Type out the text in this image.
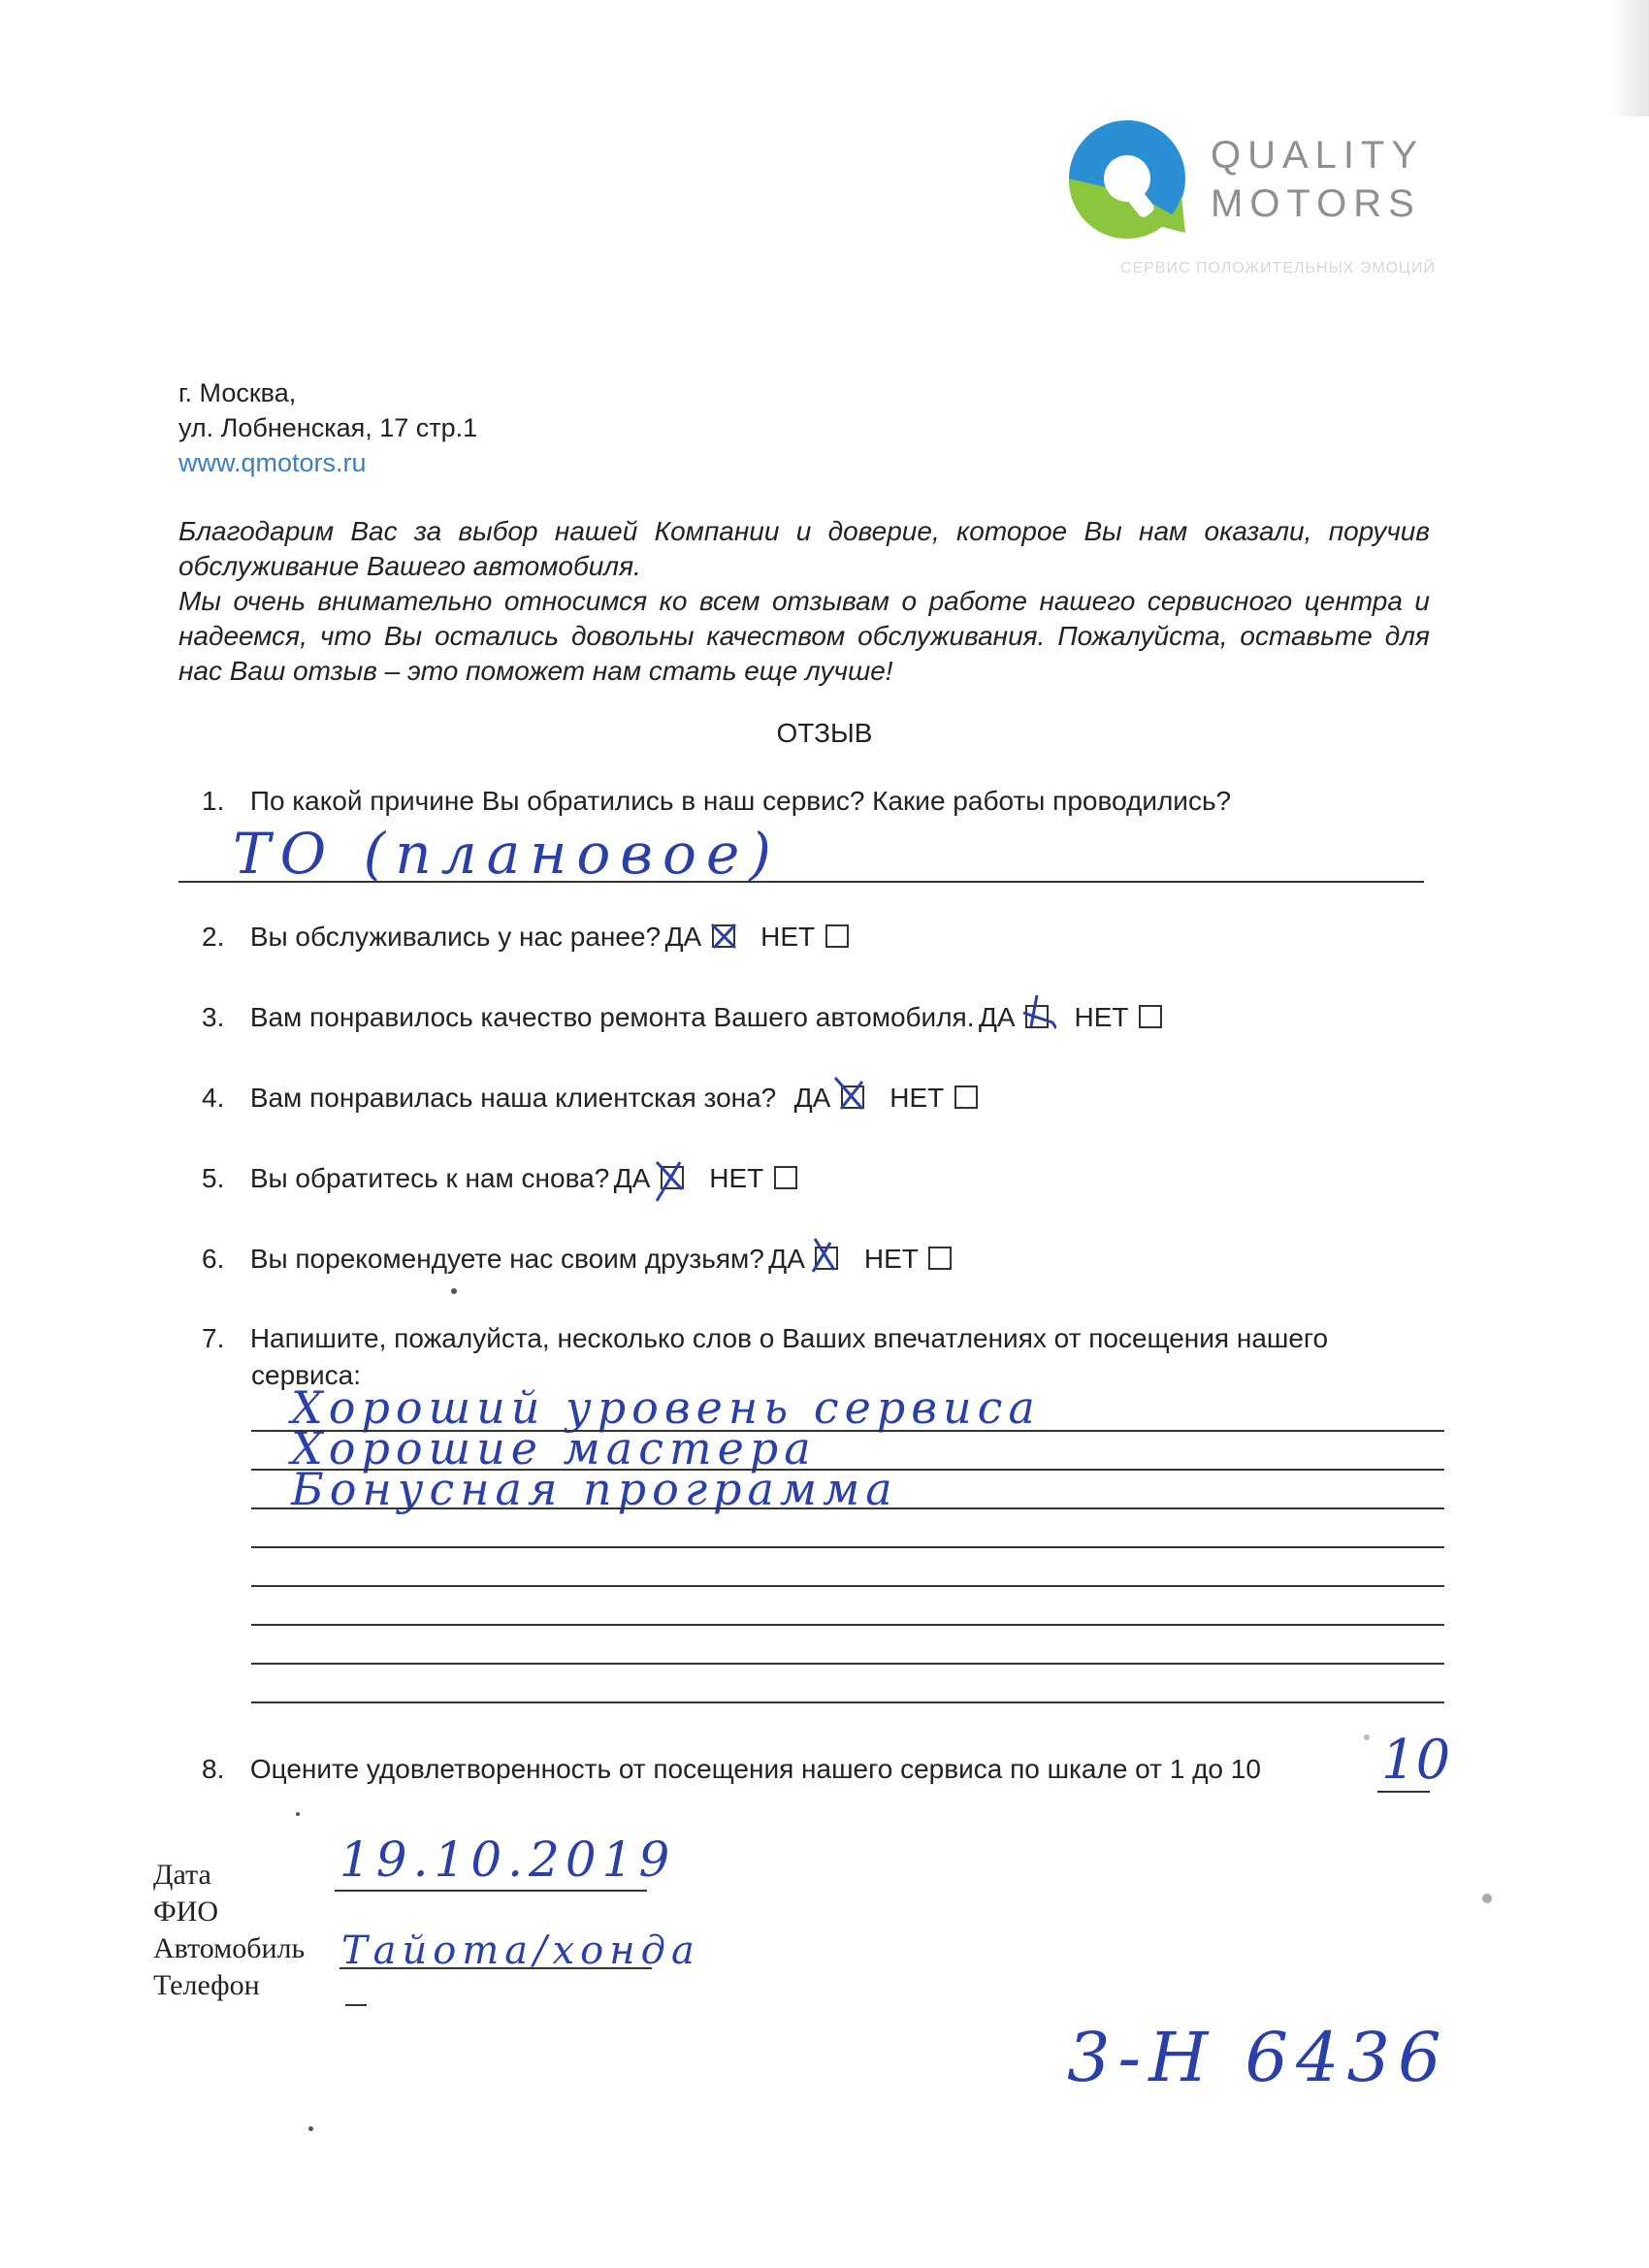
QUALITY
MOTORS
СЕРВИС ПОЛОЖИТЕЛЬНЫХ ЭМОЦИЙ
г. Москва,
ул. Лобненская, 17 стр.1
www.qmotors.ru

Благодарим Вас за выбор нашей Компании и доверие, которое Вы нам оказали, поручив обслуживание Вашего автомобиля.

Мы очень внимательно относимся ко всем отзывам о работе нашего сервисного центра и надеемся, что Вы остались довольны качеством обслуживания. Пожалуйста, оставьте для нас Ваш отзыв – это поможет нам стать еще лучше!

ОТЗЫВ
1. По какой причине Вы обратились в наш сервис? Какие работы проводились?
ТО (плановое)
2. Вы обслуживались у нас ранее? ДА НЕТ
3. Вам понравилось качество ремонта Вашего автомобиля. ДА НЕТ
4. Вам понравилась наша клиентская зона? ДА НЕТ
5. Вы обратитесь к нам снова? ДА НЕТ
6. Вы порекомендуете нас своим друзьям? ДА НЕТ
7. Напишите, пожалуйста, несколько слов о Ваших впечатлениях от посещения нашего
сервиса:
Хороший уровень сервиса
Хорошие мастера
Бонусная программа
8. Оцените удовлетворенность от посещения нашего сервиса по шкале от 1 до 10 10
Дата
ФИО
Автомобиль
Телефон
19.10.2019
Тайота/хонда
3-Н 6436
